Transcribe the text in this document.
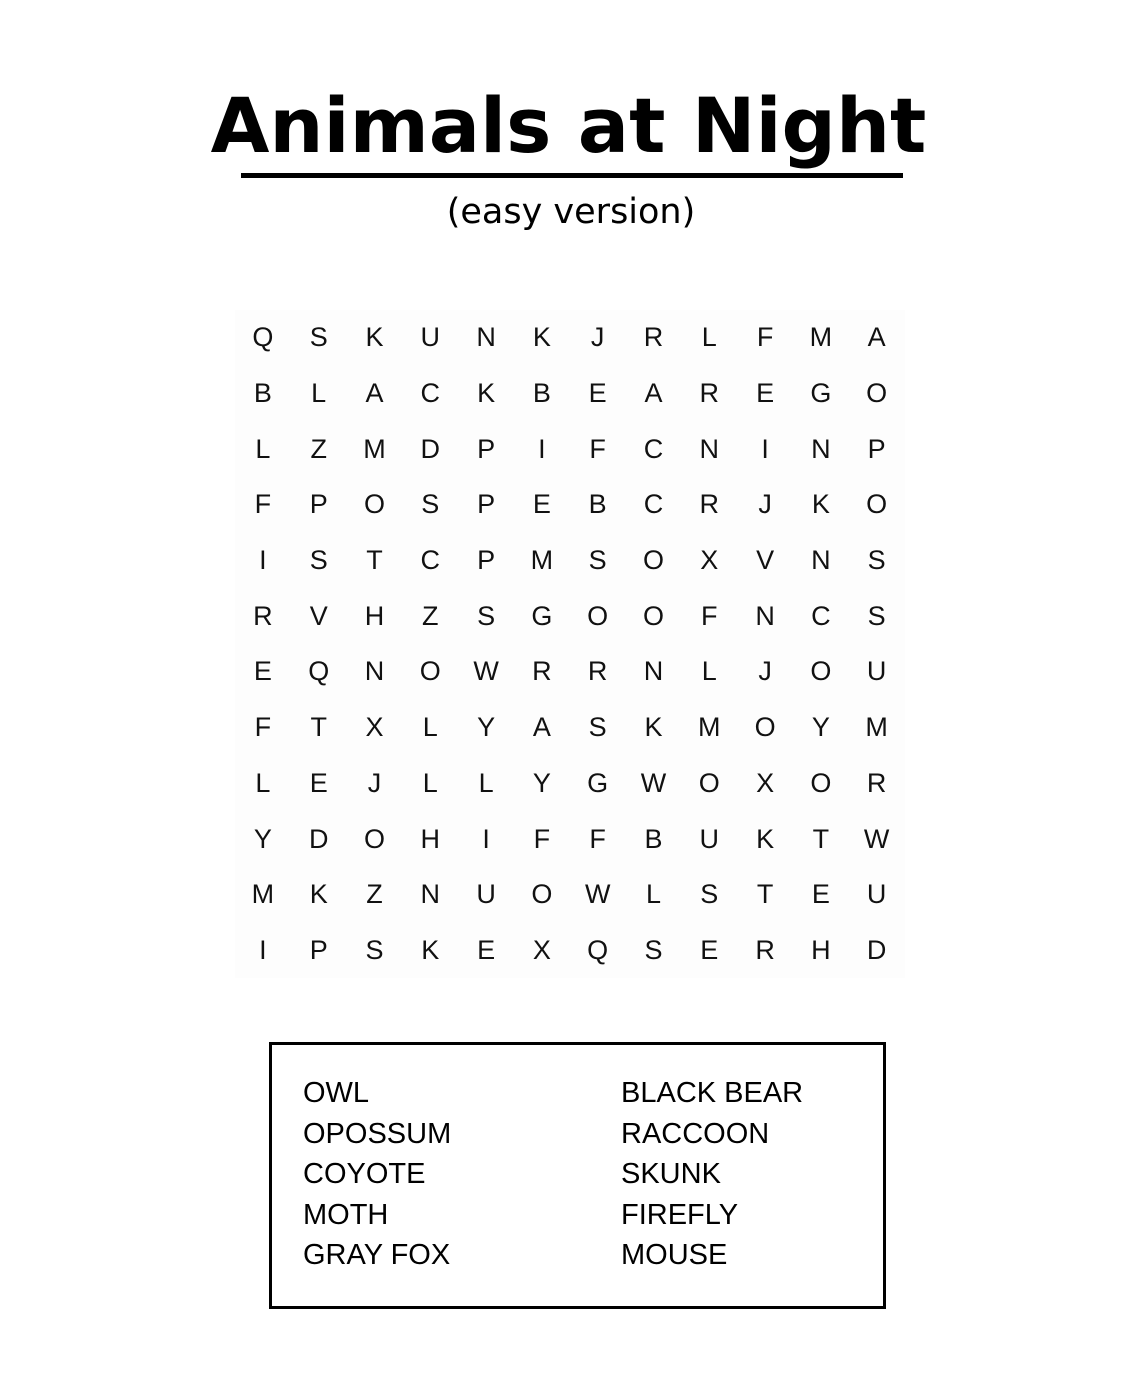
Animals at Night
(easy version)
Q	S	K	U	N	K	J	R	L	F	M	A
B	L	A	C	K	B	E	A	R	E	G	O
L	Z	M	D	P	I	F	C	N	I	N	P
F	P	O	S	P	E	B	C	R	J	K	O
I	S	T	C	P	M	S	O	X	V	N	S
R	V	H	Z	S	G	O	O	F	N	C	S
E	Q	N	O	W	R	R	N	L	J	O	U
F	T	X	L	Y	A	S	K	M	O	Y	M
L	E	J	L	L	Y	G	W	O	X	O	R
Y	D	O	H	I	F	F	B	U	K	T	W
M	K	Z	N	U	O	W	L	S	T	E	U
I	P	S	K	E	X	Q	S	E	R	H	D
OWL
OPOSSUM
COYOTE
MOTH
GRAY FOX
BLACK BEAR
RACCOON
SKUNK
FIREFLY
MOUSE
